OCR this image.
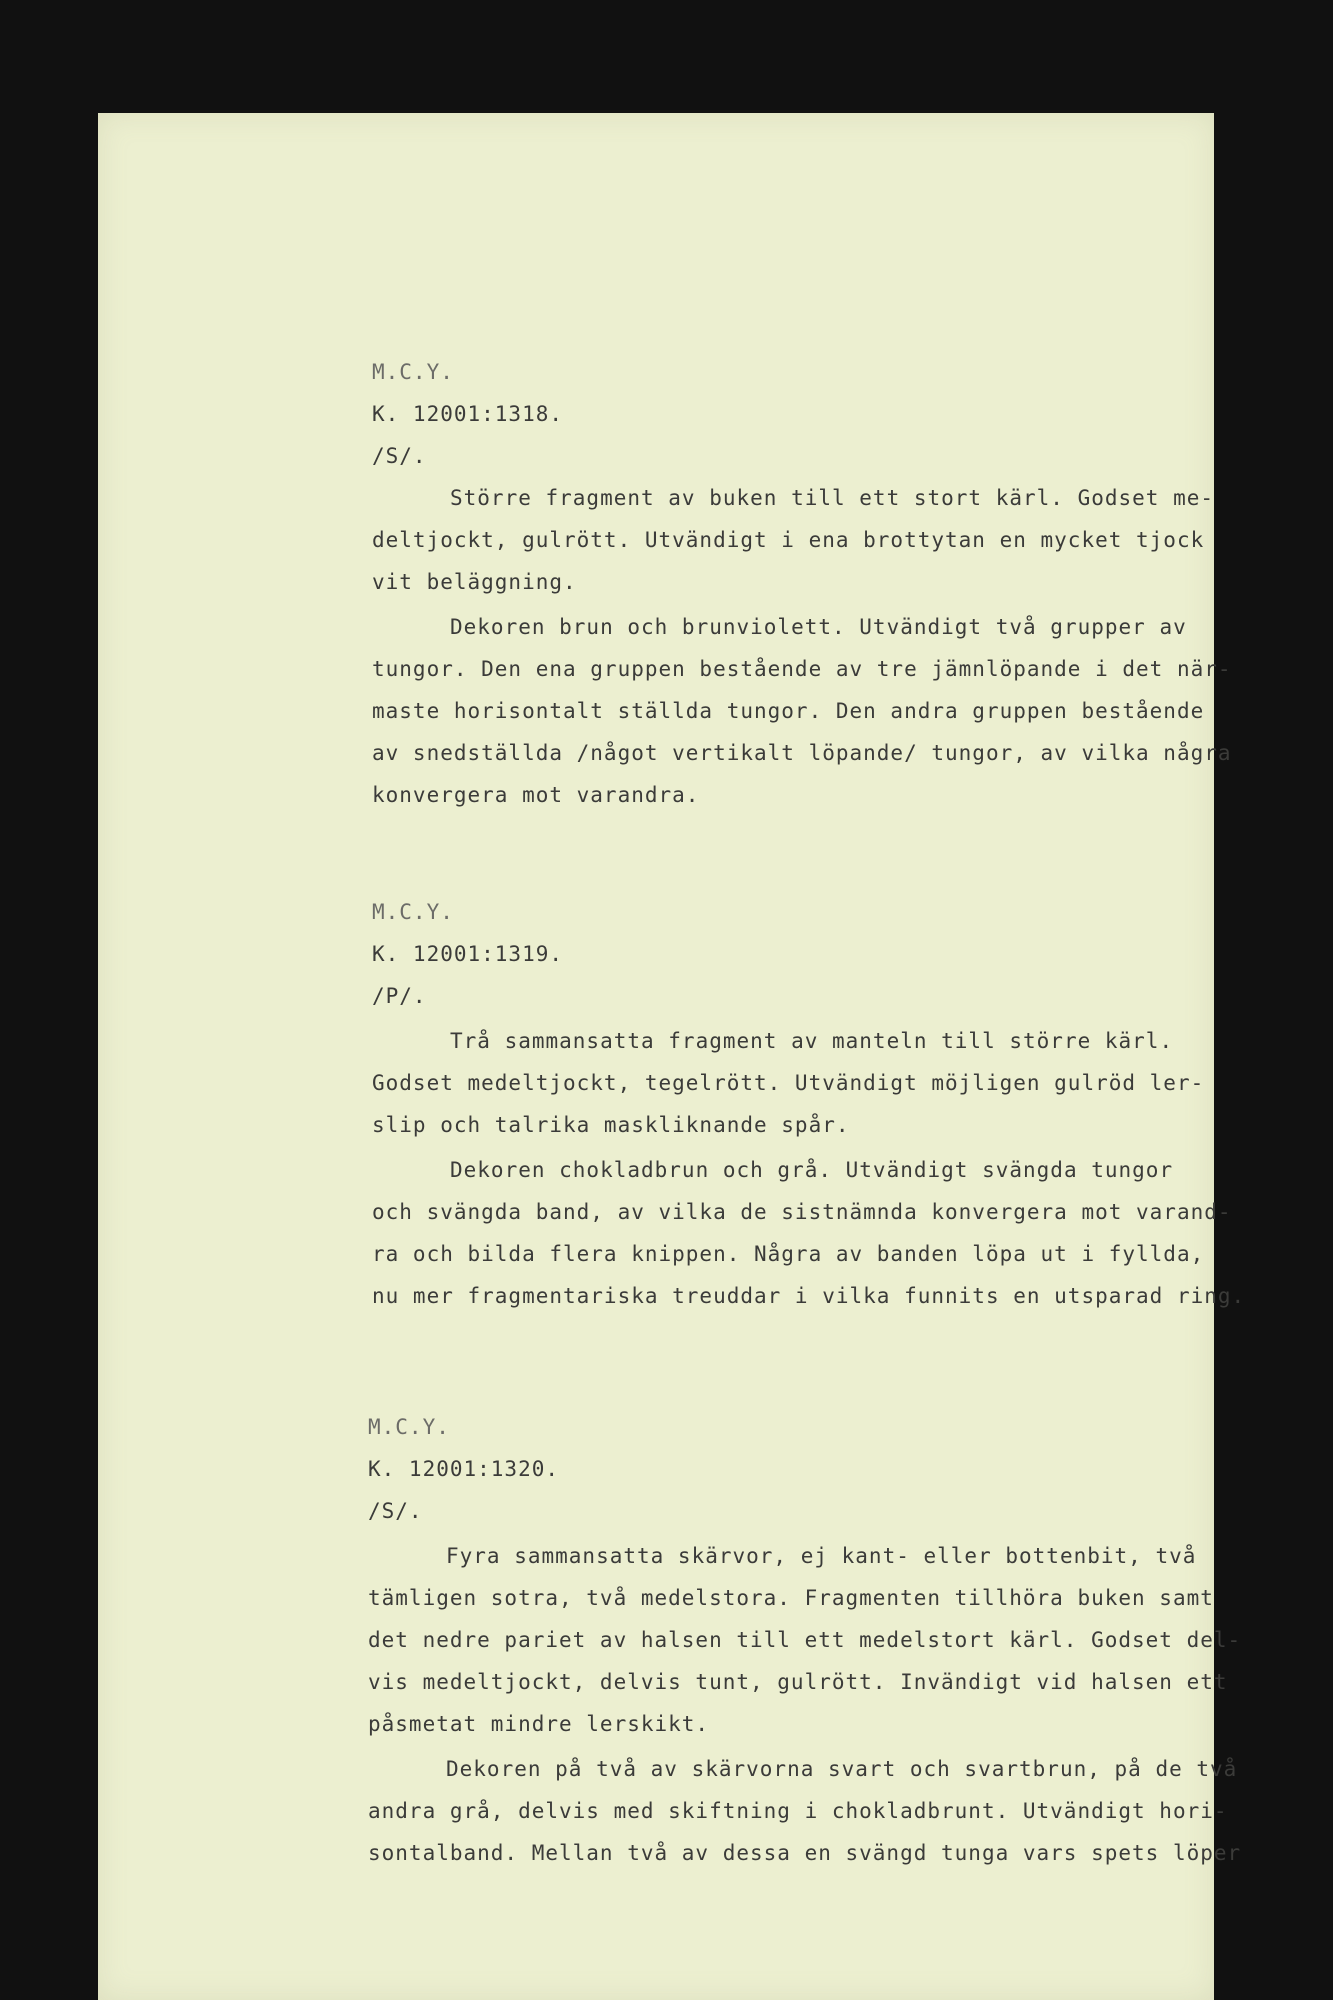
M.C.Y.
K. 12001:1318.
/S/.
Större fragment av buken till ett stort kärl. Godset me-
deltjockt, gulrött. Utvändigt i ena brottytan en mycket tjock
vit beläggning.
Dekoren brun och brunviolett. Utvändigt två grupper av
tungor. Den ena gruppen bestående av tre jämnlöpande i det när-
maste horisontalt ställda tungor. Den andra gruppen bestående
av snedställda /något vertikalt löpande/ tungor, av vilka några
konvergera mot varandra.
M.C.Y.
K. 12001:1319.
/P/.
Trå sammansatta fragment av manteln till större kärl.
Godset medeltjockt, tegelrött. Utvändigt möjligen gulröd ler-
slip och talrika maskliknande spår.
Dekoren chokladbrun och grå. Utvändigt svängda tungor
och svängda band, av vilka de sistnämnda konvergera mot varand-
ra och bilda flera knippen. Några av banden löpa ut i fyllda,
nu mer fragmentariska treuddar i vilka funnits en utsparad ring.
M.C.Y.
K. 12001:1320.
/S/.
Fyra sammansatta skärvor, ej kant- eller bottenbit, två
tämligen sotra, två medelstora. Fragmenten tillhöra buken samt
det nedre pariet av halsen till ett medelstort kärl. Godset del-
vis medeltjockt, delvis tunt, gulrött. Invändigt vid halsen ett
påsmetat mindre lerskikt.
Dekoren på två av skärvorna svart och svartbrun, på de två
andra grå, delvis med skiftning i chokladbrunt. Utvändigt hori-
sontalband. Mellan två av dessa en svängd tunga vars spets löper
